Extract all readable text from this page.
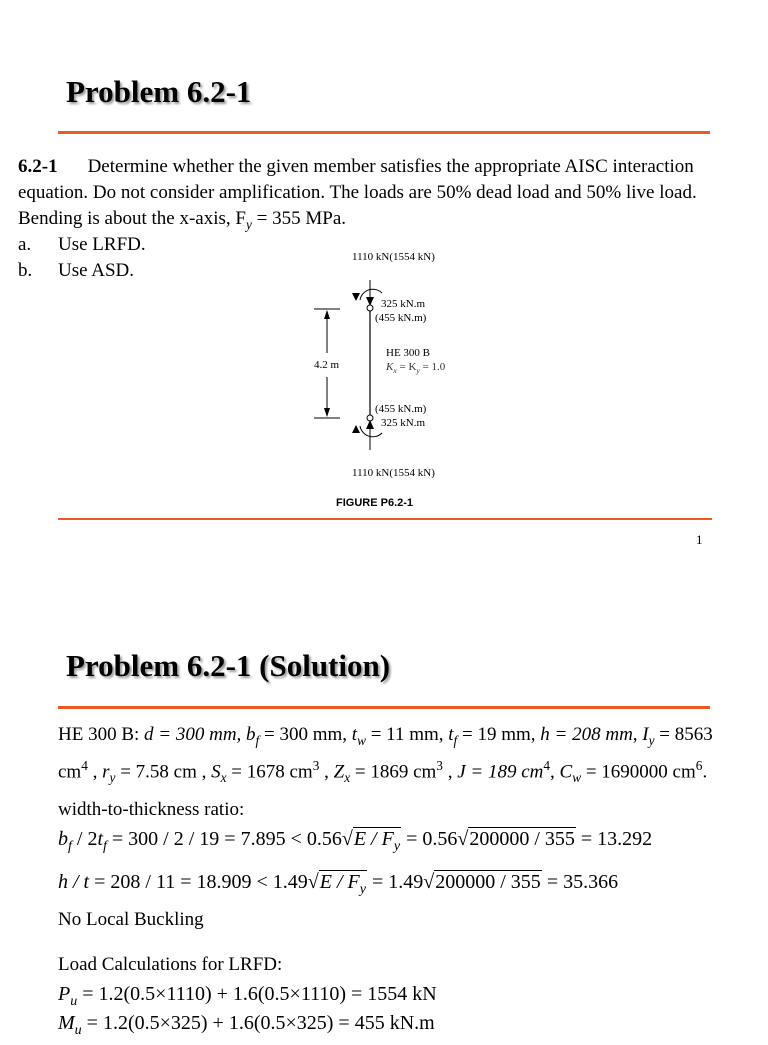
Problem 6.2-1
6.2-1 Determine whether the given member satisfies the appropriate AISC interaction equation. Do not consider amplification. The loads are 50% dead load and 50% live load. Bending is about the x-axis, $F_y = 355$ MPa.
a. Use LRFD.
b. Use ASD.
1110 kN(1554 kN)
325 kN.m
(455 kN.m)
4.2 m
HE 300 B
$K_x = K_y = 1.0$
(455 kN.m)
325 kN.m
1110 kN(1554 kN)
FIGURE P6.2-1
1
Problem 6.2-1 (Solution)
HE 300 B: d = 300 mm, $b_f = 300$ mm, $t_w = 11$ mm, $t_f = 19$ mm, h = 208 mm, $I_y = 8563$ $cm^4$ , $r_y = 7.58$ cm , $S_x = 1678$ $cm^3$ , $Z_x = 1869$ $cm^3$ , J = 189 $cm^4$, $C_w = 1690000$ $cm^6$.
width-to-thickness ratio:
$b_f / 2t_f = 300 / 2 / 19 = 7.895 < 0.56√E / F_y = 0.56√200000 / 355 = 13.292$
$h / t = 208 / 11 = 18.909 < 1.49√E / F_y = 1.49√200000 / 355 = 35.366$
No Local Buckling
Load Calculations for LRFD:
$P_u = 1.2(0.5\times 1110) + 1.6(0.5\times 1110) = 1554$ kN
$M_u = 1.2(0.5\times 325) + 1.6(0.5\times 325) = 455$ kN.m
